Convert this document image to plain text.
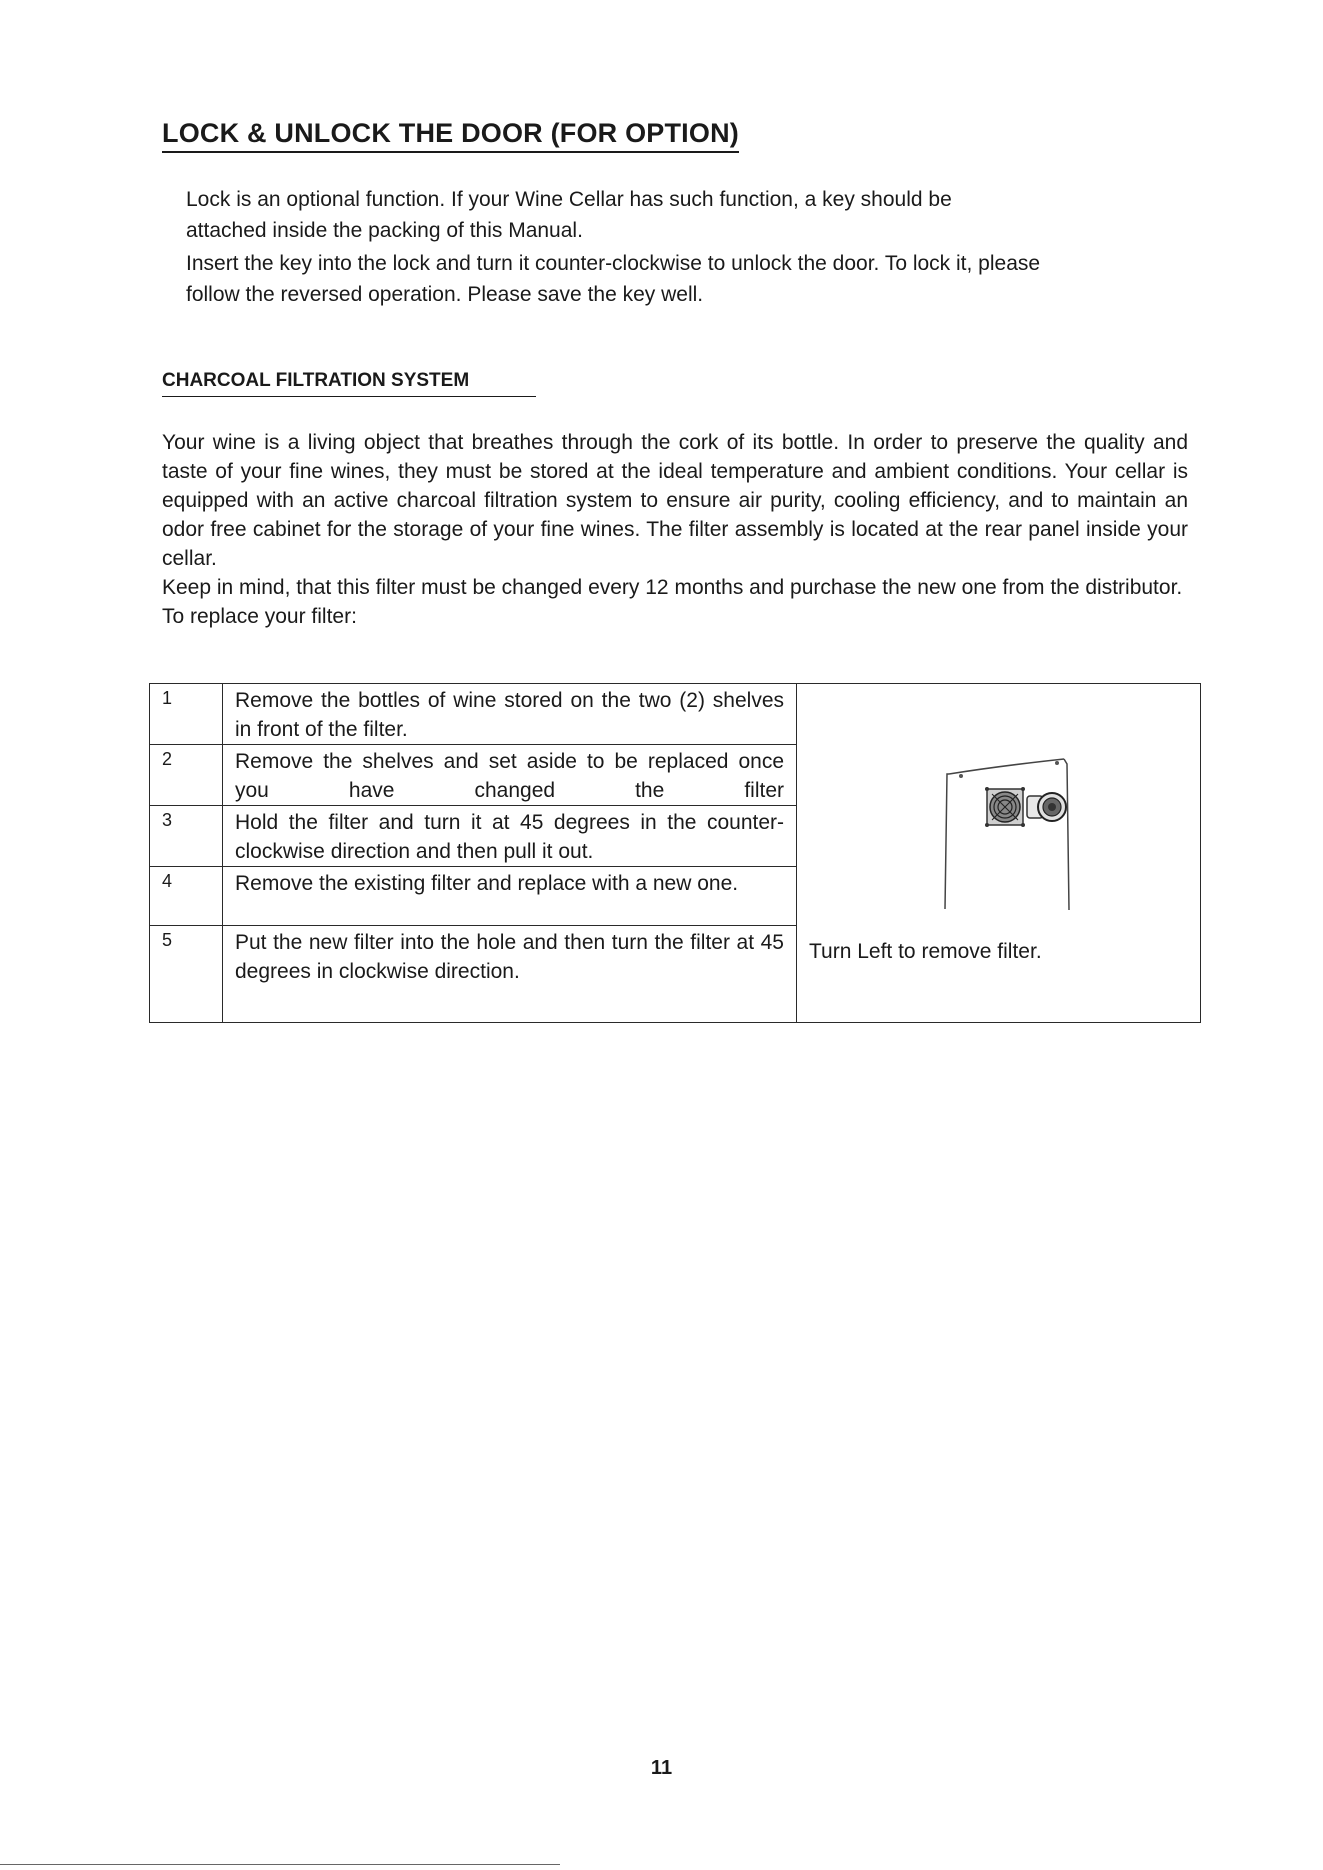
LOCK & UNLOCK THE DOOR (FOR OPTION)

Lock is an optional function. If your Wine Cellar has such function, a key should be

attached inside the packing of this Manual.

Insert the key into the lock and turn it counter-clockwise to unlock the door. To lock it, please

follow the reversed operation. Please save the key well.

CHARCOAL FILTRATION SYSTEM

Your wine is a living object that breathes through the cork of its bottle. In order to preserve the quality and taste of your fine wines, they must be stored at the ideal temperature and ambient conditions. Your cellar is equipped with an active charcoal filtration system to ensure air purity, cooling efficiency, and to maintain an odor free cabinet for the storage of your fine wines. The filter assembly is located at the rear panel inside your cellar.

Keep in mind, that this filter must be changed every 12 months and purchase the new one from the distributor.

To replace your filter:

1	Remove the bottles of wine stored on the two (2) shelves in front of the filter.	Turn Left to remove filter.

2	Remove the shelves and set aside to be replaced once you have changed the filter	
3	Hold the filter and turn it at 45 degrees in the counter-clockwise direction and then pull it out.	
4	Remove the existing filter and replace with a new one.	
5	Put the new filter into the hole and then turn the filter at 45 degrees in clockwise direction.	
11
